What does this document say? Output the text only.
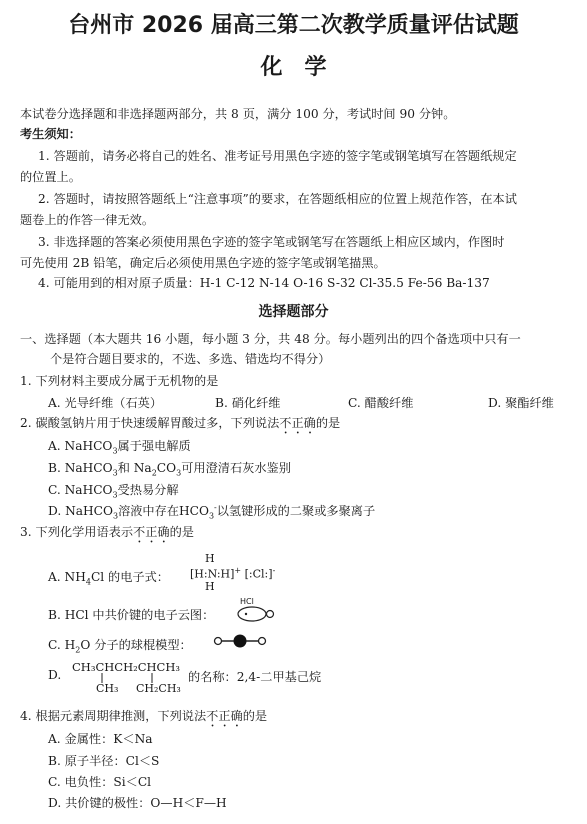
台州市 2026 届高三第二次教学质量评估试题
化学
本试卷分选择题和非选择题两部分，共 8 页，满分 100 分，考试时间 90 分钟。
考生须知：
1. 答题前，请务必将自己的姓名、准考证号用黑色字迹的签字笔或钢笔填写在答题纸规定
的位置上。
2. 答题时，请按照答题纸上“注意事项”的要求，在答题纸相应的位置上规范作答，在本试
题卷上的作答一律无效。
3. 非选择题的答案必须使用黑色字迹的签字笔或钢笔写在答题纸上相应区域内，作图时
可先使用 2B 铅笔，确定后必须使用黑色字迹的签字笔或钢笔描黑。
4. 可能用到的相对原子质量：H-1 C-12 N-14 O-16 S-32 Cl-35.5 Fe-56 Ba-137
选择题部分
一、选择题（本大题共 16 小题，每小题 3 分，共 48 分。每小题列出的四个备选项中只有一
个是符合题目要求的，不选、多选、错选均不得分）
1. 下列材料主要成分属于无机物的是
A. 光导纤维（石英）	B. 硝化纤维	C. 醋酸纤维	D. 聚酯纤维
2. 碳酸氢钠片用于快速缓解胃酸过多，下列说法不正确的是
A. NaHCO$_3$属于强电解质
B. NaHCO$_3$和 $Na_2CO_3$可用澄清石灰水鉴别
C. NaHCO$_3$受热易分解
D. NaHCO$_3$溶液中存在$HCO_3^-$以氢键形成的二聚或多聚离子
3. 下列化学用语表示不正确的是
A. $NH_4Cl$ 的电子式：
H
[H:N:H]+ [:Cl:]-
H
B. HCl 中共价键的电子云图：
HCl
C. $H_2O$ 分子的球棍模型：
D.
CH₃CHCH₂CHCH₃
CH₃ CH₂CH₃
的名称：2,4-二甲基己烷
4. 根据元素周期律推测，下列说法不正确的是
A. 金属性：K＜Na
B. 原子半径：Cl＜S
C. 电负性：Si＜Cl
D. 共价键的极性：O—H＜F—H
